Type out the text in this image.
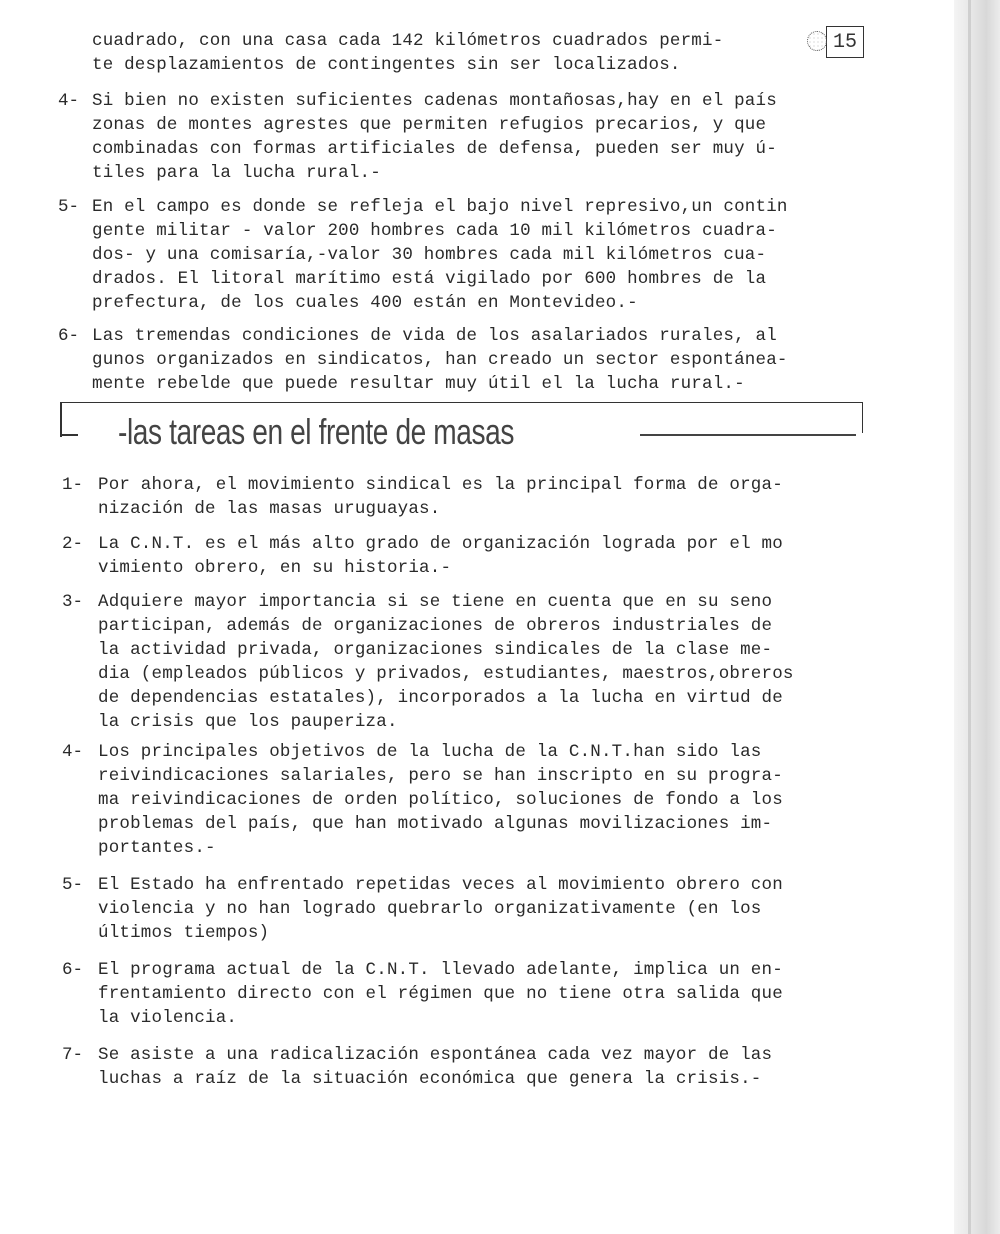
15
cuadrado, con una casa cada 142 kilómetros cuadrados permi-
te desplazamientos de contingentes sin ser localizados.
4- Si bien no existen suficientes cadenas montañosas,hay en el país
zonas de montes agrestes que permiten refugios precarios, y que
combinadas con formas artificiales de defensa, pueden ser muy ú-
tiles para la lucha rural.-
5- En el campo es donde se refleja el bajo nivel represivo,un contin
gente militar - valor 200 hombres cada 10 mil kilómetros cuadra-
dos- y una comisaría,-valor 30 hombres cada mil kilómetros cua-
drados. El litoral marítimo está vigilado por 600 hombres de la
prefectura, de los cuales 400 están en Montevideo.-
6- Las tremendas condiciones de vida de los asalariados rurales, al
gunos organizados en sindicatos, han creado un sector espontánea-
mente rebelde que puede resultar muy útil el la lucha rural.-
-las tareas en el frente de masas
1- Por ahora, el movimiento sindical es la principal forma de orga-
nización de las masas uruguayas.
2- La C.N.T. es el más alto grado de organización lograda por el mo
vimiento obrero, en su historia.-
3- Adquiere mayor importancia si se tiene en cuenta que en su seno
participan, además de organizaciones de obreros industriales de
la actividad privada, organizaciones sindicales de la clase me-
dia (empleados públicos y privados, estudiantes, maestros,obreros
de dependencias estatales), incorporados a la lucha en virtud de
la crisis que los pauperiza.
4- Los principales objetivos de la lucha de la C.N.T.han sido las
reivindicaciones salariales, pero se han inscripto en su progra-
ma reivindicaciones de orden político, soluciones de fondo a los
problemas del país, que han motivado algunas movilizaciones im-
portantes.-
5- El Estado ha enfrentado repetidas veces al movimiento obrero con
violencia y no han logrado quebrarlo organizativamente (en los
últimos tiempos)
6- El programa actual de la C.N.T. llevado adelante, implica un en-
frentamiento directo con el régimen que no tiene otra salida que
la violencia.
7- Se asiste a una radicalización espontánea cada vez mayor de las
luchas a raíz de la situación económica que genera la crisis.-
